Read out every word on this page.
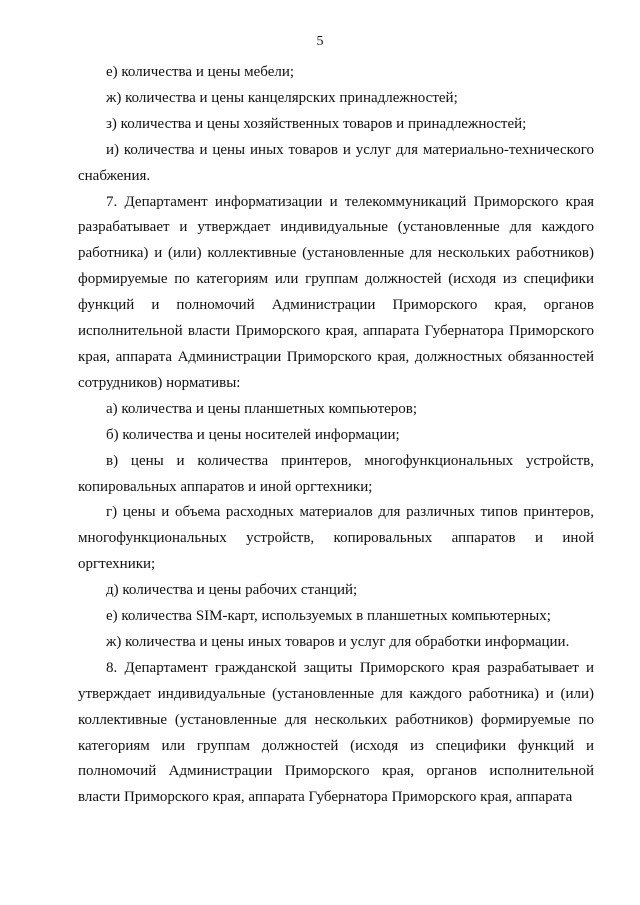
5

е) количества и цены мебели;

ж) количества и цены канцелярских принадлежностей;

з) количества и цены хозяйственных товаров и принадлежностей;

и) количества и цены иных товаров и услуг для материально-технического снабжения.

7. Департамент информатизации и телекоммуникаций Приморского края разрабатывает и утверждает индивидуальные (установленные для каждого работника) и (или) коллективные (установленные для нескольких работников) формируемые по категориям или группам должностей (исходя из специфики функций и полномочий Администрации Приморского края, органов исполнительной власти Приморского края, аппарата Губернатора Приморского края, аппарата Администрации Приморского края, должностных обязанностей сотрудников) нормативы:

а) количества и цены планшетных компьютеров;

б) количества и цены носителей информации;

в) цены и количества принтеров, многофункциональных устройств, копировальных аппаратов и иной оргтехники;

г) цены и объема расходных материалов для различных типов принтеров, многофункциональных устройств, копировальных аппаратов и иной оргтехники;

д) количества и цены рабочих станций;

е) количества SIM-карт, используемых в планшетных компьютерных;

ж) количества и цены иных товаров и услуг для обработки информации.

8. Департамент гражданской защиты Приморского края разрабатывает и утверждает индивидуальные (установленные для каждого работника) и (или) коллективные (установленные для нескольких работников) формируемые по категориям или группам должностей (исходя из специфики функций и полномочий Администрации Приморского края, органов исполнительной власти Приморского края, аппарата Губернатора Приморского края, аппарата
